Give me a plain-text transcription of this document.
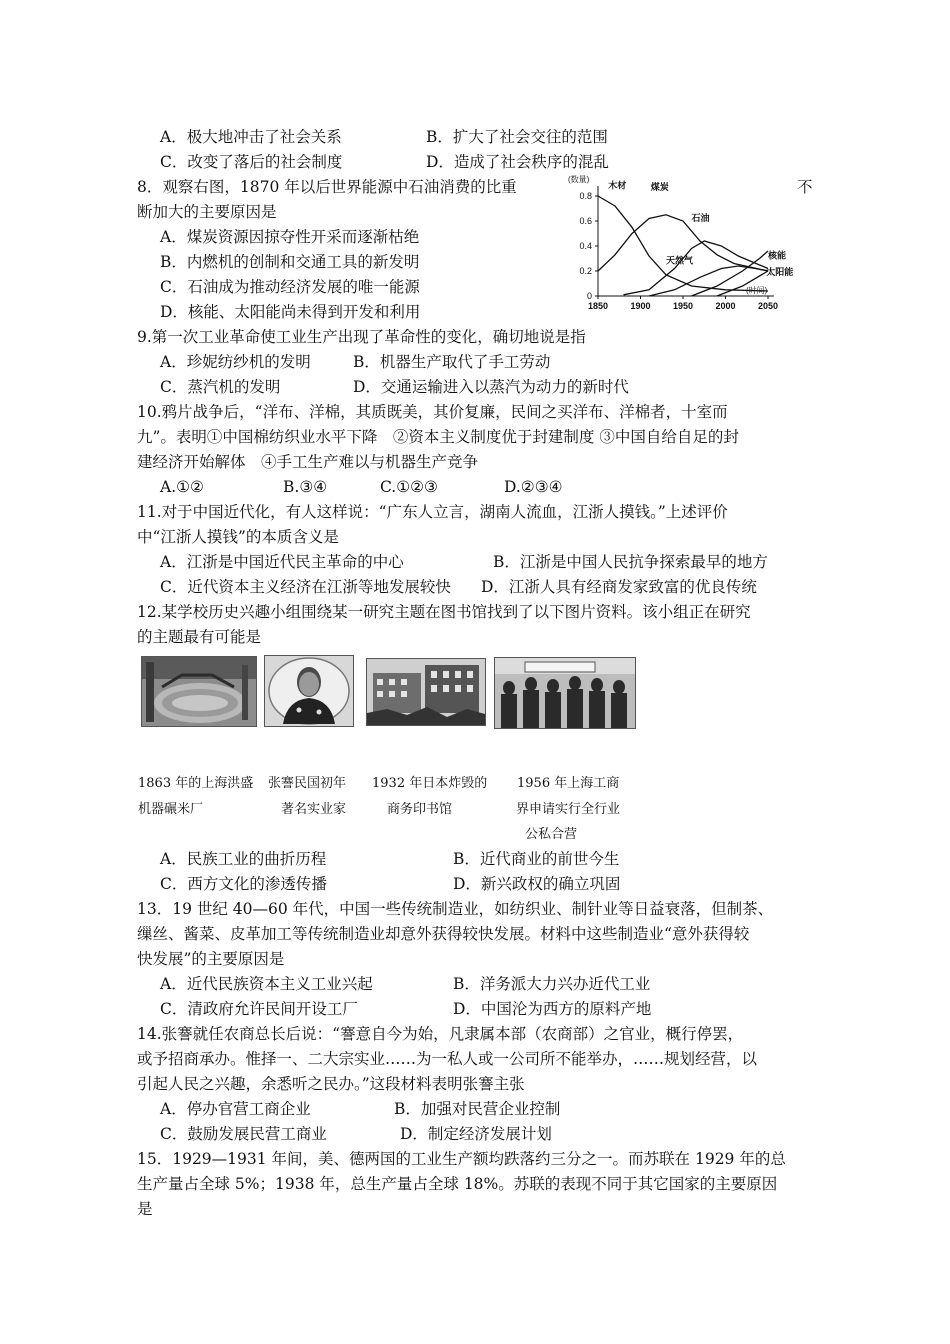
A．极大地冲击了社会关系	B．扩大了社会交往的范围
C．改变了落后的社会制度	D．造成了社会秩序的混乱
8．观察右图，1870 年以后世界能源中石油消费的比重	不
断加大的主要原因是
A．煤炭资源因掠夺性开采而逐渐枯绝
B．内燃机的创制和交通工具的新发明
C．石油成为推动经济发展的唯一能源
D．核能、太阳能尚未得到开发和利用
(数量)
(时间)
0
0.2
0.4
0.6
0.8
1850 1900 1950 2000 2050
木材	煤炭
石油
天然气	核能
太阳能
9.第一次工业革命使工业生产出现了革命性的变化，确切地说是指
A．珍妮纺纱机的发明	B．机器生产取代了手工劳动
C．蒸汽机的发明	D．交通运输进入以蒸汽为动力的新时代
10.鸦片战争后，“洋布、洋棉，其质既美，其价复廉，民间之买洋布、洋棉者，十室而
九”。表明①中国棉纺织业水平下降　②资本主义制度优于封建制度 ③中国自给自足的封
建经济开始解体　④手工生产难以与机器生产竞争
A.①②	B.③④	C.①②③	D.②③④
11.对于中国近代化，有人这样说：“广东人立言，湖南人流血，江浙人摸钱。”上述评价
中“江浙人摸钱”的本质含义是
A．江浙是中国近代民主革命的中心	B．江浙是中国人民抗争探索最早的地方
C．近代资本主义经济在江浙等地发展较快 D．江浙人具有经商发家致富的优良传统
12.某学校历史兴趣小组围绕某一研究主题在图书馆找到了以下图片资料。该小组正在研究
的主题最有可能是
1863 年的上海洪盛
机器碾米厂
张謇民国初年
著名实业家
1932 年日本炸毁的
商务印书馆
1956 年上海工商
界申请实行全行业
公私合营
A．民族工业的曲折历程	B．近代商业的前世今生
C．西方文化的渗透传播	D．新兴政权的确立巩固
13．19 世纪 40—60 年代，中国一些传统制造业，如纺织业、制针业等日益衰落，但制茶、
缫丝、酱菜、皮革加工等传统制造业却意外获得较快发展。材料中这些制造业“意外获得较
快发展”的主要原因是
A．近代民族资本主义工业兴起	B．洋务派大力兴办近代工业
C．清政府允许民间开设工厂	D．中国沦为西方的原料产地
14.张謇就任农商总长后说：“謇意自今为始，凡隶属本部（农商部）之官业，概行停罢，
或予招商承办。惟择一、二大宗实业……为一私人或一公司所不能举办，……规划经营，以
引起人民之兴趣，余悉听之民办。”这段材料表明张謇主张
A．停办官营工商企业	B．加强对民营企业控制
C．鼓励发展民营工商业	D．制定经济发展计划
15．1929—1931 年间，美、德两国的工业生产额均跌落约三分之一。而苏联在 1929 年的总
生产量占全球 5%；1938 年，总生产量占全球 18%。苏联的表现不同于其它国家的主要原因
是
